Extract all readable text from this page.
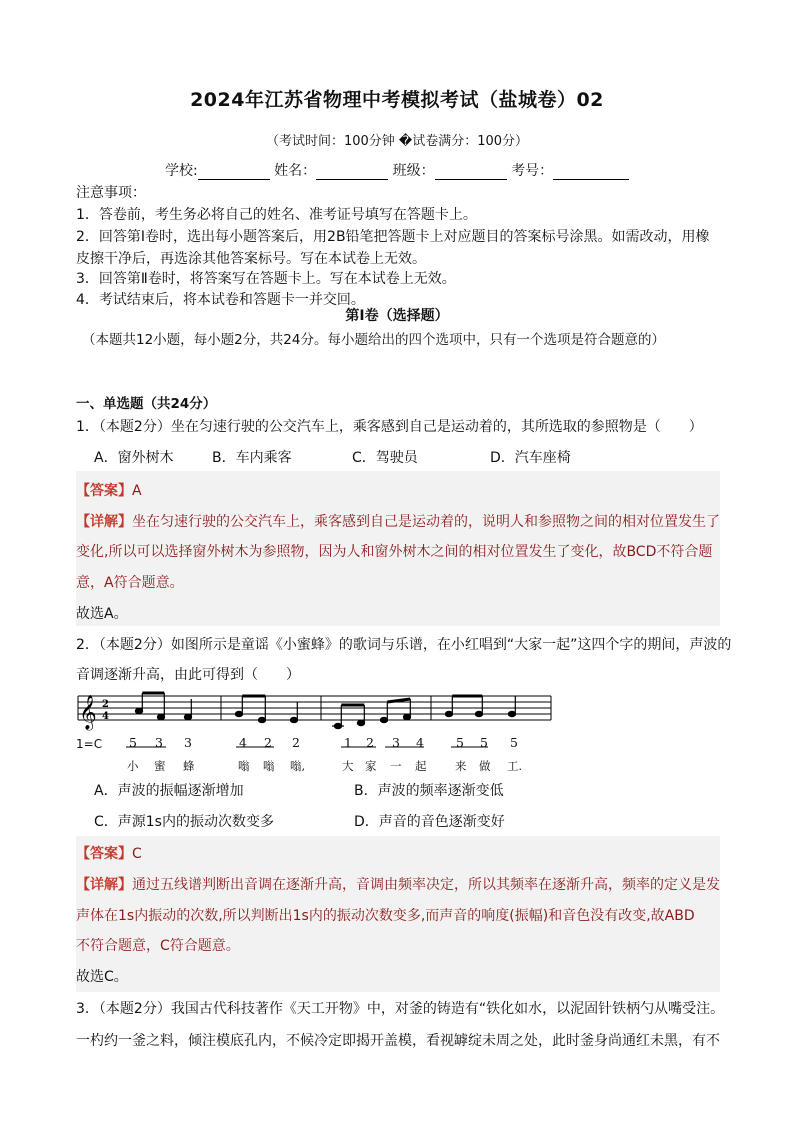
2024年江苏省物理中考模拟考试（盐城卷）02
（考试时间：100分钟 �试卷满分：100分）
学校:	姓名：	班级：	考号：
注意事项：
1．答卷前，考生务必将自己的姓名、准考证号填写在答题卡上。
2．回答第Ⅰ卷时，选出每小题答案后，用2B铅笔把答题卡上对应题目的答案标号涂黑。如需改动，用橡
皮擦干净后，再选涂其他答案标号。写在本试卷上无效。
3．回答第Ⅱ卷时，将答案写在答题卡上。写在本试卷上无效。
4．考试结束后，将本试卷和答题卡一并交回。
第Ⅰ卷（选择题）
（本题共12小题，每小题2分，共24分。每小题给出的四个选项中，只有一个选项是符合题意的）
一、单选题（共24分）
1．（本题2分）坐在匀速行驶的公交汽车上，乘客感到自己是运动着的，其所选取的参照物是（　　）
A．窗外树木	B．车内乘客	C．驾驶员	D．汽车座椅
【答案】A
【详解】坐在匀速行驶的公交汽车上，乘客感到自己是运动着的，说明人和参照物之间的相对位置发生了
变化,所以可以选择窗外树木为参照物，因为人和窗外树木之间的相对位置发生了变化，故BCD不符合题
意，A符合题意。
故选A。
2．（本题2分）如图所示是童谣《小蜜蜂》的歌词与乐谱，在小红唱到“大家一起”这四个字的期间，声波的
音调逐渐升高，由此可得到（　　）
𝄞 2
4
1=C 5 3 3	4 2 2	1 2 3 4	5 5 5
小 蜜 蜂	嗡 嗡 嗡,	大 家 一 起 来 做 工.
A．声波的振幅逐渐增加	B．声波的频率逐渐变低
C．声源1s内的振动次数变多	D．声音的音色逐渐变好
【答案】C
【详解】通过五线谱判断出音调在逐渐升高，音调由频率决定，所以其频率在逐渐升高，频率的定义是发
声体在1s内振动的次数,所以判断出1s内的振动次数变多,而声音的响度(振幅)和音色没有改变,故ABD
不符合题意，C符合题意。
故选C。
3．（本题2分）我国古代科技著作《天工开物》中，对釜的铸造有“铁化如水，以泥固针铁柄勺从嘴受注。
一杓约一釜之料，倾注模底孔内，不候冷定即揭开盖模，看视罅绽未周之处，此时釜身尚通红未黑，有不
